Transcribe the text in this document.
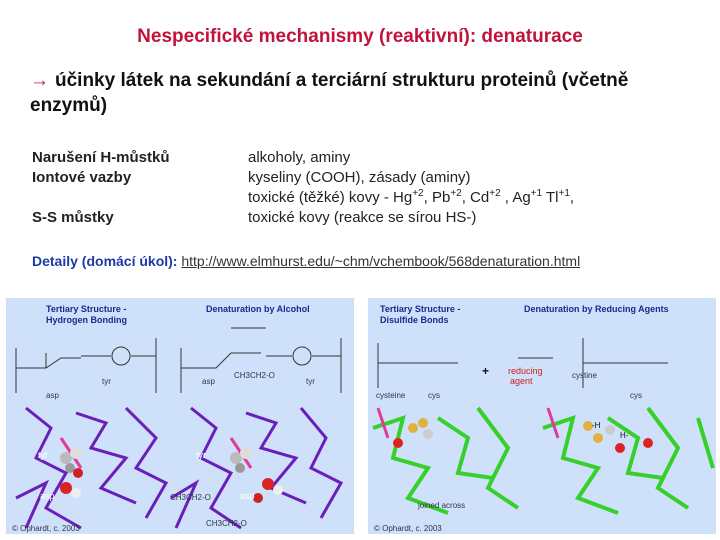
Nespecifické mechanismy (reaktivní): denaturace
→ účinky látek na sekundání a terciární strukturu proteinů (včetně enzymů)
Narušení H-můstků
Iontové vazby
S-S můstky
alkoholy, aminy
kyseliny (COOH), zásady (aminy)
toxické (těžké) kovy - $Hg^{+2}$, $Pb^{+2}$, $Cd^{+2}$ , $Ag^{+1}$ $Tl^{+1}$,
toxické kovy (reakce se sírou HS-)
Detaily (domácí úkol): http://www.elmhurst.edu/~chm/vchembook/568denaturation.html
Tertiary Structure -
Hydrogen Bonding
Denaturation by Alcohol
tyr
asp
tyr
asp
CH3CH2-O
tyr
asp
tyr
asp
CH3CH2-O
CH3CH2-O
© Ophardt, c. 2003
Tertiary Structure -
Disulfide Bonds
Denaturation by Reducing Agents
cysteine	cys
+ reducing
agent
cystine
cys
-H
H-
joined across
© Ophardt, c. 2003
